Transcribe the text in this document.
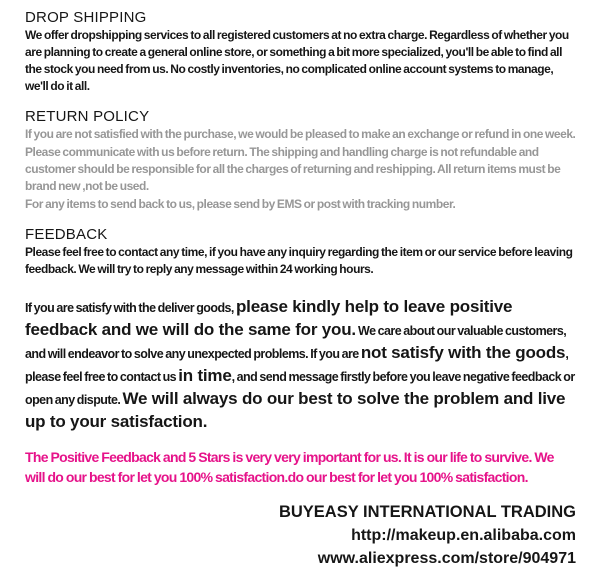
DROP SHIPPING

We offer dropshipping services to all registered customers at no extra charge. Regardless of whether you are planning to create a general online store, or something a bit more specialized, you'll be able to find all the stock you need from us. No costly inventories, no complicated online account systems to manage, we'll do it all.

RETURN POLICY

If you are not satisfied with the purchase, we would be pleased to make an exchange or refund in one week.

Please communicate with us before return. The shipping and handling charge is not refundable and customer should be responsible for all the charges of returning and reshipping. All return items must be brand new ,not be used.

For any items to send back to us, please send by EMS or post with tracking number.

FEEDBACK

Please feel free to contact any time, if you have any inquiry regarding the item or our service before leaving feedback. We will try to reply any message within 24 working hours.

If you are satisfy with the deliver goods, please kindly help to leave positive feedback and we will do the same for you. We care about our valuable customers, and will endeavor to solve any unexpected problems. If you are not satisfy with the goods, please feel free to contact us in time, and send message firstly before you leave negative feedback or open any dispute. We will always do our best to solve the problem and live up to your satisfaction.

The Positive Feedback and 5 Stars is very very important for us. It is our life to survive. We will do our best for let you 100% satisfaction.do our best for let you 100% satisfaction.

BUYEASY INTERNATIONAL TRADING
http://makeup.en.alibaba.com
www.aliexpress.com/store/904971
